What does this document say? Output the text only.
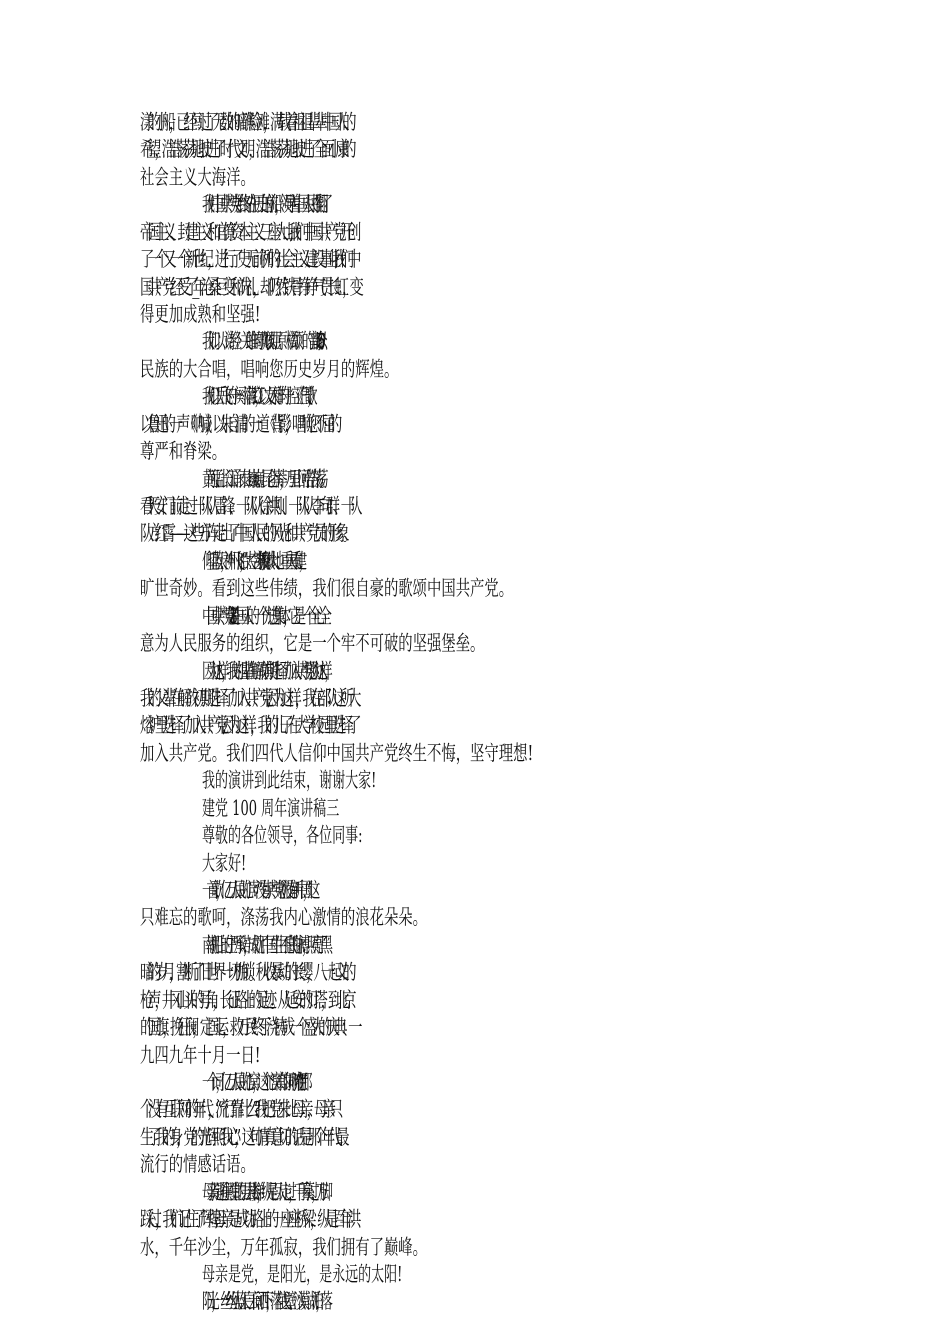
漾的小船，已经闯过了无数的暗礁险滩，满载着祖祖辈辈中国人的
希望，浩浩荡荡地驶进了时代文明，浩浩荡荡地驶进了全面小康的
社会主义大海洋。
我们中国共产党始终站在历史的前沿，领导着中国人民推翻了
帝国主义、封建主义和官僚资本主义三座大山;我们中国共产党开创
了一个又一个新世纪，进行了史无前例的社会主义建设事业;我们中
国共产党经受了_年沧桑巨变和洗礼，却仍然铁骨铮铮气贯长虹，变
得更加成熟和坚强!
我们以《诗经》关雎的歌喉;以屈原《橘颂》的音韵;以 56 个
民族的大合唱，唱响您历史岁月的辉煌。
我们以岳飞的一阕《满江红》，以文天祥的一腔《正气歌》，
以鲁迅的一声《呐喊》，以朱自清的一道《背影》，唱响您不屈的
尊严和脊梁。
黄河猛、长江涌、泰山巍巍、昆仑莽莽，万里山河浩浩荡荡。
看!天安门前走过一队队雷锋、一队队徐洪刚、一队队李向群、一队
队方红霄——这些方阵走出了中国人民的风光和共产党员的形象。
仰望蓝天，“神州飞船”，太空穿梭;俯瞰大地、重灾重建，
旷世奇妙。看到这些伟绩，我们很自豪的歌颂中国共产党。
中国共产党是 13 亿中国人的一个先进集体，它是一个全心全
意为人民服务的组织，它是一个牢不可破的坚强堡垒。
因为这样，我的祖辈在解放前期选择了加入共产党;因为这样，
我的父辈在解放初期选择了加入共产党;因为这样，我在部队这所大
熔炉里选择了加入共产党;因为这样，我的儿子在大学校园里选择了
加入共产党。我们四代人信仰中国共产党终生不悔，坚守理想!
我的演讲到此结束，谢谢大家!
建党 100 周年演讲稿三
尊敬的各位领导，各位同事:
大家好!
一首歌，亿万人民的心声：“没有共产党就没有新中国”，这
只难忘的歌呵，涤荡我内心激情的浪花朵朵。
南湖船上的庄严承诺，成就了中国生生不息的脉搏，照亮了黑
暗的岁月，割断了旧世界一切枷锁。秋收暴动的长缨，八一起义的
枪声，井冈山头的号角，长征路上的足迹。从延安的灯塔，到北京
的国旗，挽狂澜，定国运，救万民!终于浇铸成一个盛大的庆典：一
九四九年十月一日!
一个词，亿万人民的心窝，这个心窝窝的词叫“流行”!在那
个没有互联网的年代，“流行”靠什么?“我把党来比母亲，母亲只
生了我的身，党的光辉照我心”，这句情真意切的话是那个年代最
流行的情感话语。
母亲是通往殿堂的层层楼梯，纵是百人走过，千手摹过，万脚
踩过，我们记住了辉煌;母亲是成功路上的一座座桥梁，纵是百年洪
水，千年沙尘，万年孤寂，我们拥有了巅峰。
母亲是党，是阳光，是永远的太阳!
阳光，一丝丝从蓝天白云间洒下，落在戈壁、沙漠、湖泊，落
